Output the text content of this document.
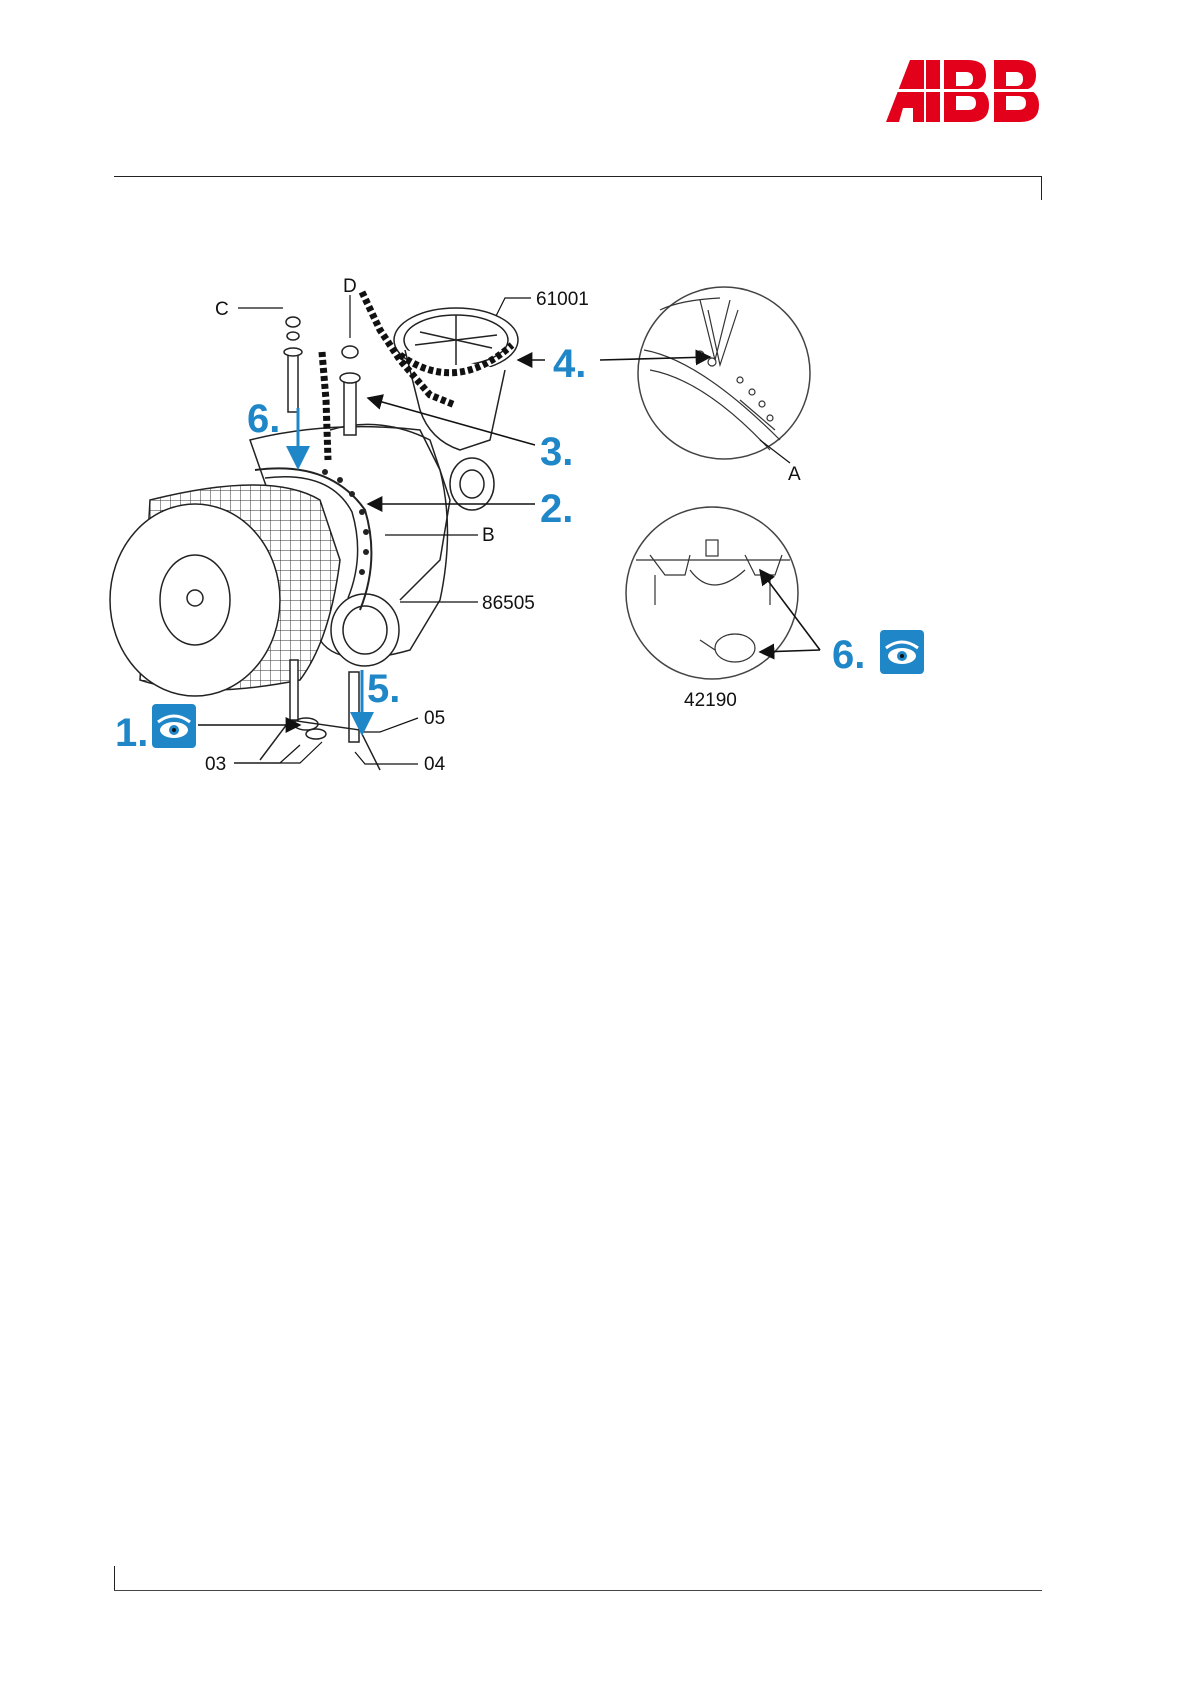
C
D
61001
A
B
86505
42190
05
03	04
1.
2.
3.
4.
5.
6.
6.
